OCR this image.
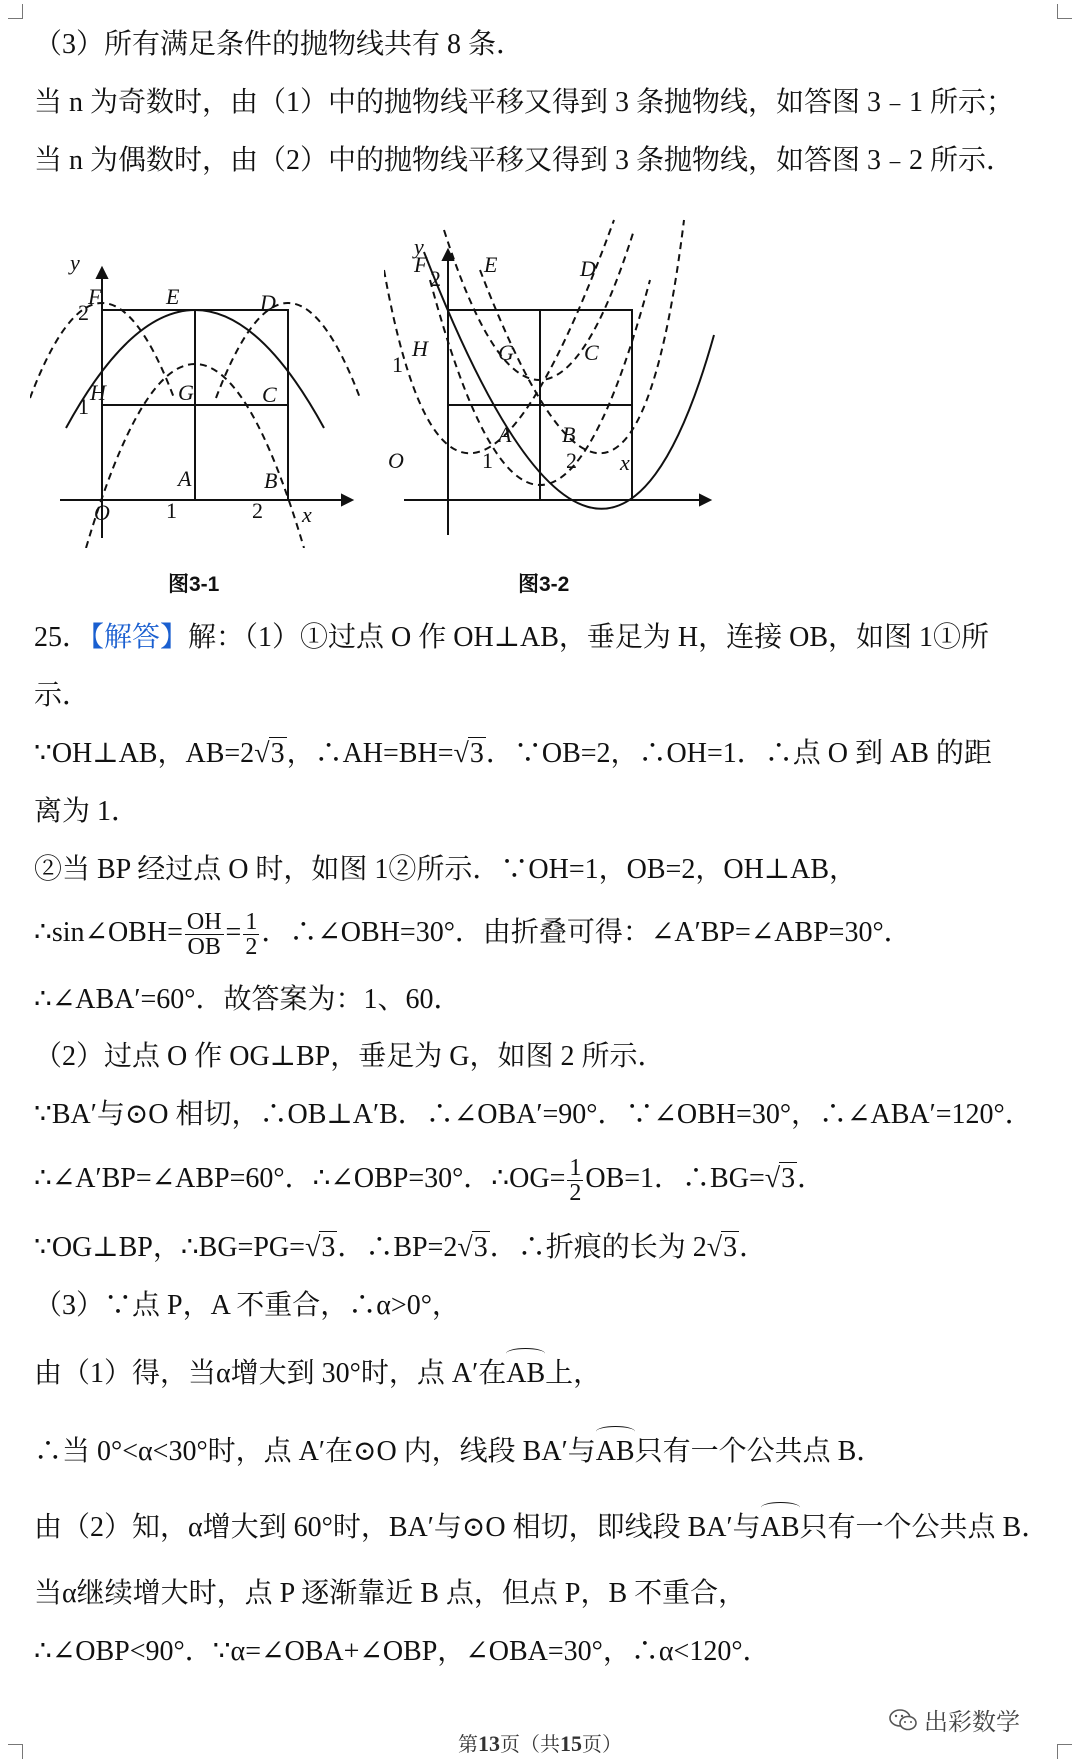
（3）所有满足条件的抛物线共有 8 条．
当 n 为奇数时，由（1）中的抛物线平移又得到 3 条抛物线，如答图 3﹣1 所示；
当 n 为偶数时，由（2）中的抛物线平移又得到 3 条抛物线，如答图 3﹣2 所示．
y
2
F	E	D
1
H	G	C
A	B
O	1	2 x
图3-1
y
2
F	E	D
1
H	G	C
A B
O	1	2 x
图3-2
25．【解答】解：（1）①过点 O 作 OH⊥AB，垂足为 H，连接 OB，如图 1①所
示．
∵OH⊥AB，AB=2√3，∴AH=BH=√3．∵OB=2，∴OH=1．∴点 O 到 AB 的距
离为 1．
②当 BP 经过点 O 时，如图 1②所示．∵OH=1，OB=2，OH⊥AB，
∴sin∠OBH= $\frac{OH}{OB} = \frac{1}{2}$ ．∴∠OBH=30°．由折叠可得：∠A′BP=∠ABP=30°．
∴∠ABA′=60°．故答案为：1、60．
（2）过点 O 作 OG⊥BP，垂足为 G，如图 2 所示．
∵BA′与⊙O 相切，∴OB⊥A′B．∴∠OBA′=90°．∵∠OBH=30°，∴∠ABA′=120°．
∴∠A′BP=∠ABP=60°．∴∠OBP=30°．∴OG= $\frac{1}{2} OB=1$．∴BG=√3．
∵OG⊥BP，∴BG=PG=√3．∴BP=2√3．∴折痕的长为 2√3．
（3）∵点 P，A 不重合，∴α>0°，
由（1）得，当α增大到 30°时，点 A′在AB上，
∴当 0°<α<30°时，点 A′在⊙O 内，线段 BA′与AB只有一个公共点 B．
由（2）知，α增大到 60°时，BA′与⊙O 相切，即线段 BA′与AB只有一个公共点 B．
当α继续增大时，点 P 逐渐靠近 B 点，但点 P，B 不重合，
∴∠OBP<90°．∵α=∠OBA+∠OBP，∠OBA=30°，∴α<120°．
出彩数学
第13页（共15页）
